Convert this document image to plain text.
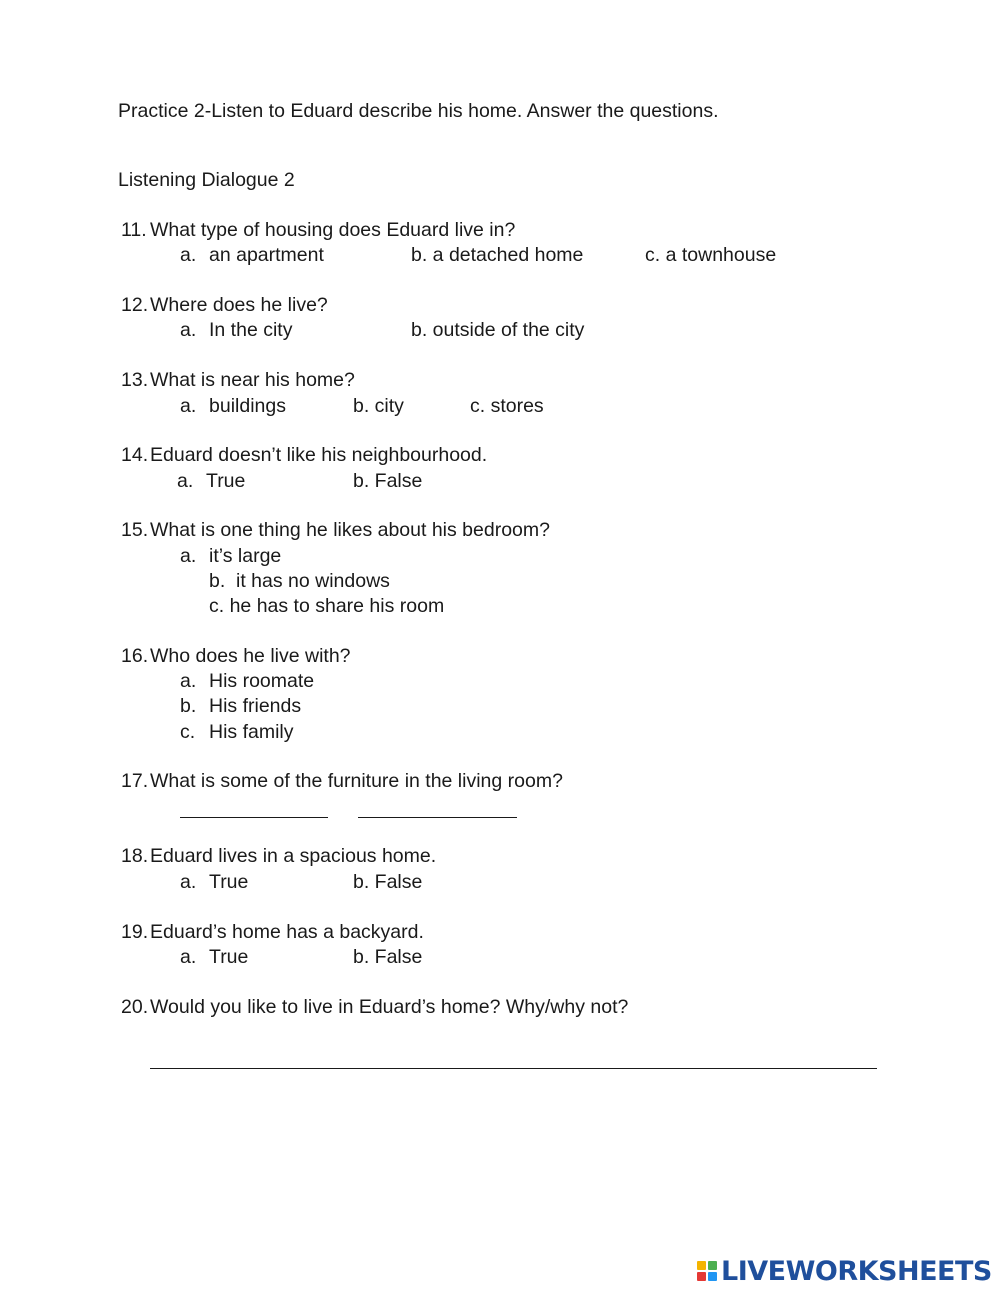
Practice 2-Listen to Eduard describe his home. Answer the questions.
Listening Dialogue 2
11. What type of housing does Eduard live in?
a. an apartment	b. a detached home	c. a townhouse
12. Where does he live?
a. In the city	b. outside of the city
13. What is near his home?
a. buildings	b. city	c. stores
14. Eduard doesn’t like his neighbourhood.
a. True	b. False
15. What is one thing he likes about his bedroom?
a. it’s large
b. it has no windows
c. he has to share his room
16. Who does he live with?
a. His roomate
b. His friends
c. His family
17. What is some of the furniture in the living room?
18. Eduard lives in a spacious home.
a. True	b. False
19. Eduard’s home has a backyard.
a. True	b. False
20. Would you like to live in Eduard’s home? Why/why not?
LIVEWORKSHEETS
